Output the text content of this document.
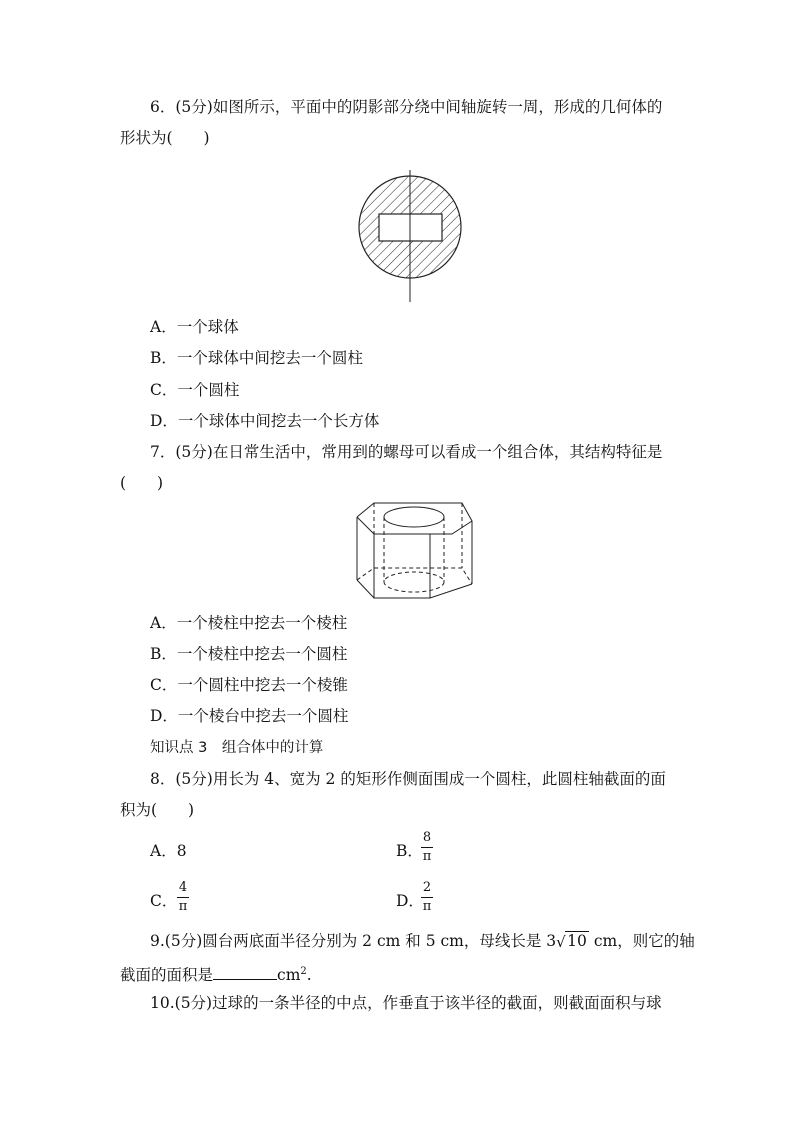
6．(5分)如图所示，平面中的阴影部分绕中间轴旋转一周，形成的几何体的
形状为(　　)
A．一个球体
B．一个球体中间挖去一个圆柱
C．一个圆柱
D．一个球体中间挖去一个长方体
7．(5分)在日常生活中，常用到的螺母可以看成一个组合体，其结构特征是
(　　)
A．一个棱柱中挖去一个棱柱
B．一个棱柱中挖去一个圆柱
C．一个圆柱中挖去一个棱锥
D．一个棱台中挖去一个圆柱
知识点 3　组合体中的计算
8．(5分)用长为 4、宽为 2 的矩形作侧面围成一个圆柱，此圆柱轴截面的面
积为(　　)
A．8	B．
8
π
C．
4
π	D．
2
π
9.(5分)圆台两底面半径分别为 2 cm 和 5 cm，母线长是 3 √ 10 cm，则它的轴
截面的面积是	$cm^2$.
10.(5分)过球的一条半径的中点，作垂直于该半径的截面，则截面面积与球
